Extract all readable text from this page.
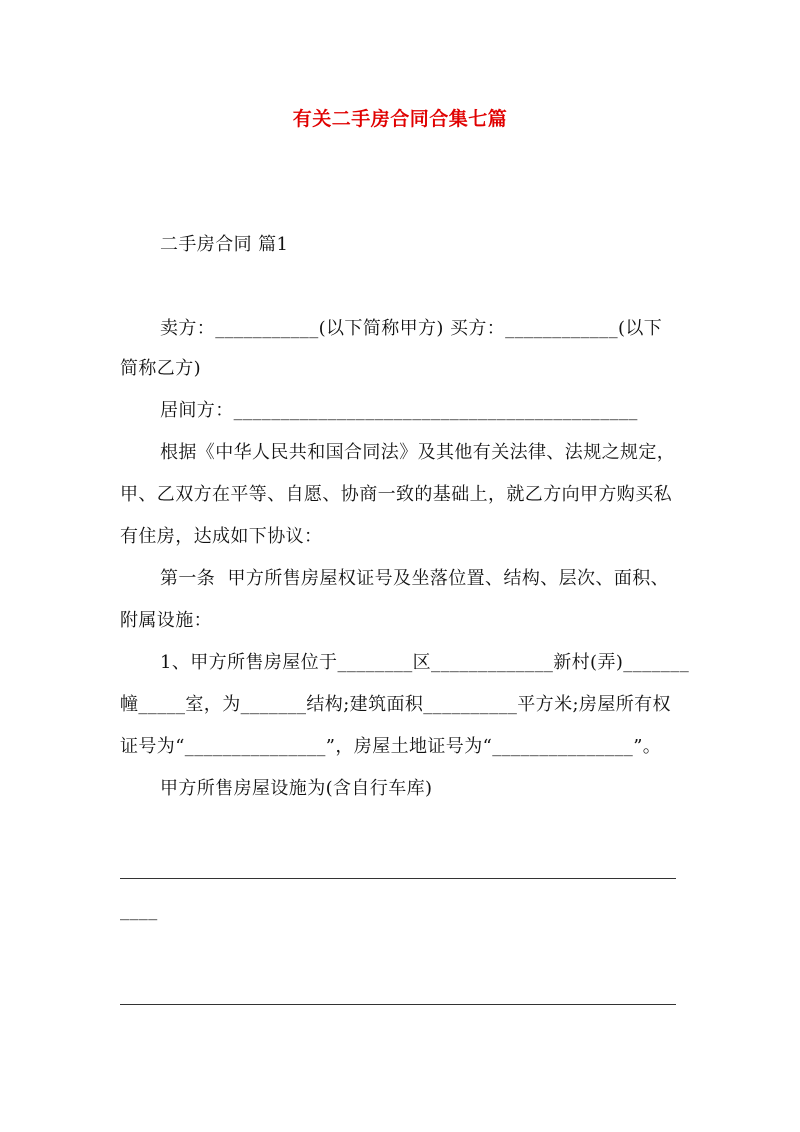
有关二手房合同合集七篇
二手房合同 篇1
卖方：___________(以下简称甲方) 买方：____________(以下
简称乙方)
居间方：___________________________________________
根据《中华人民共和国合同法》及其他有关法律、法规之规定，
甲、乙双方在平等、自愿、协商一致的基础上，就乙方向甲方购买私
有住房，达成如下协议：
第一条  甲方所售房屋权证号及坐落位置、结构、层次、面积、
附属设施：
1、甲方所售房屋位于________区_____________新村(弄)_______
幢_____室，为_______结构;建筑面积__________平方米;房屋所有权
证号为“_______________”，房屋土地证号为“_______________”。
甲方所售房屋设施为(含自行车库)
____
